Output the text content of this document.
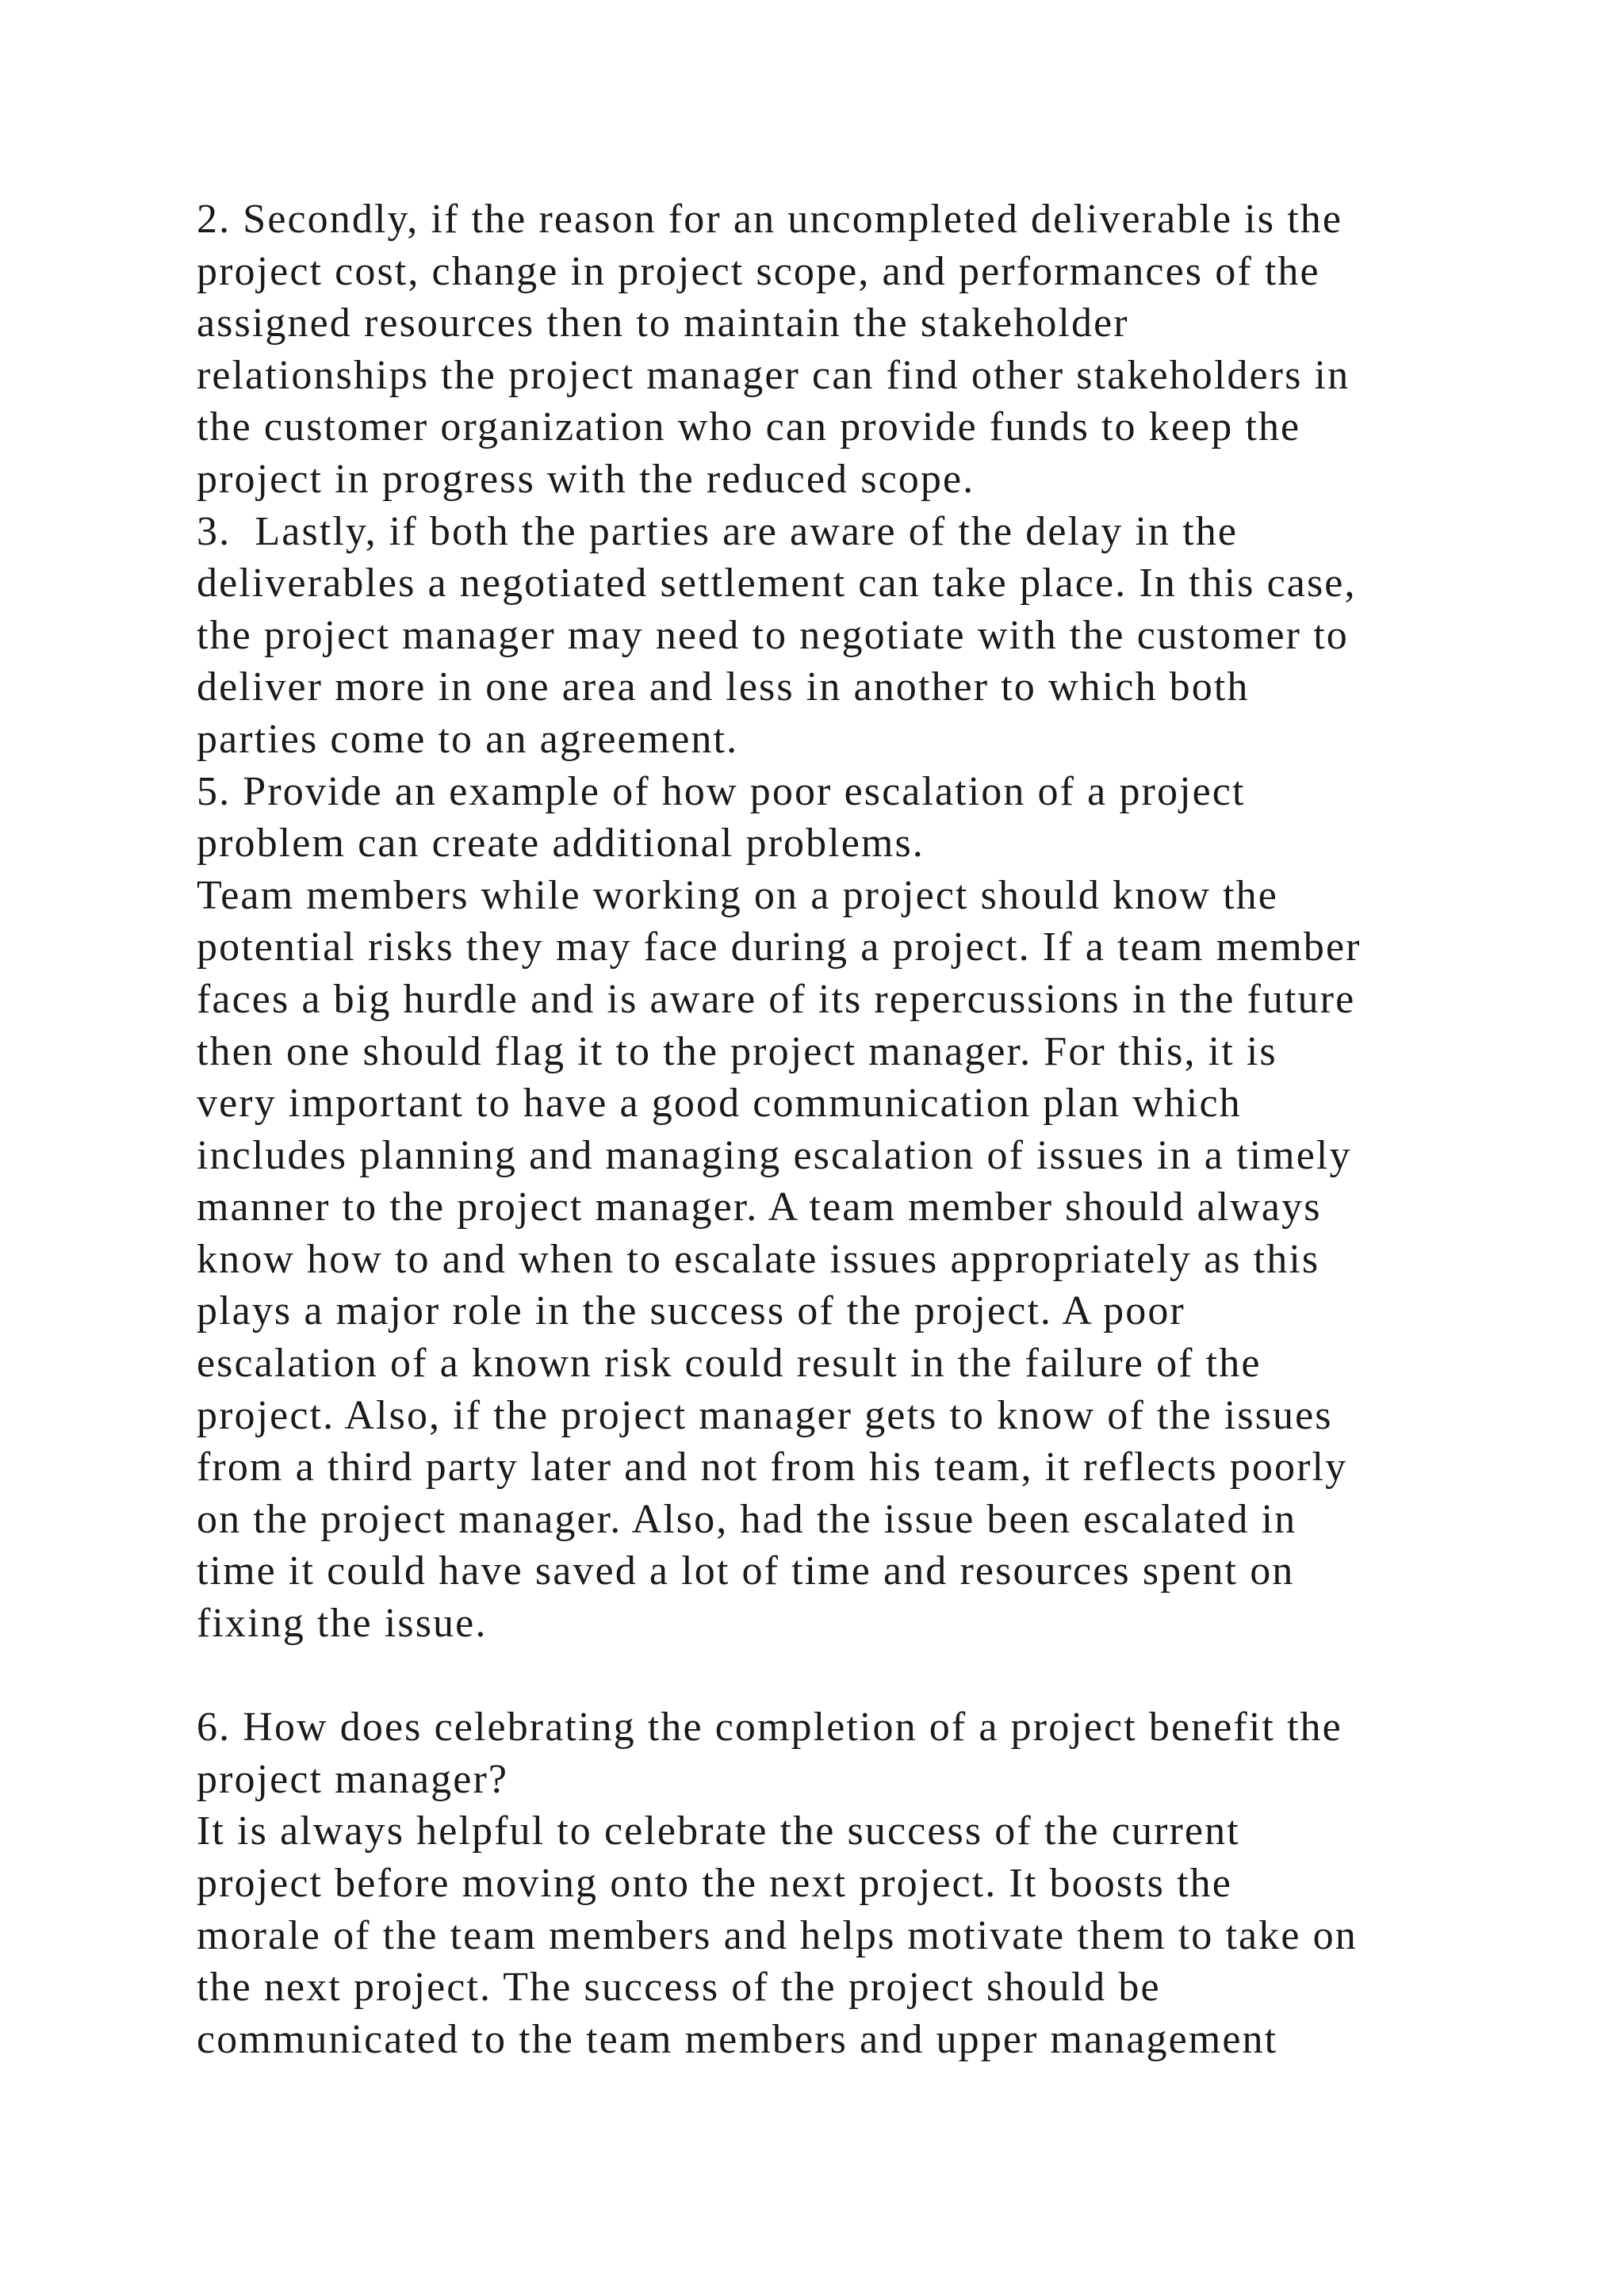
2. Secondly, if the reason for an uncompleted deliverable is the
project cost, change in project scope, and performances of the
assigned resources then to maintain the stakeholder
relationships the project manager can find other stakeholders in
the customer organization who can provide funds to keep the
project in progress with the reduced scope.
3.  Lastly, if both the parties are aware of the delay in the
deliverables a negotiated settlement can take place. In this case,
the project manager may need to negotiate with the customer to
deliver more in one area and less in another to which both
parties come to an agreement.
5. Provide an example of how poor escalation of a project
problem can create additional problems.
Team members while working on a project should know the
potential risks they may face during a project. If a team member
faces a big hurdle and is aware of its repercussions in the future
then one should flag it to the project manager. For this, it is
very important to have a good communication plan which
includes planning and managing escalation of issues in a timely
manner to the project manager. A team member should always
know how to and when to escalate issues appropriately as this
plays a major role in the success of the project. A poor
escalation of a known risk could result in the failure of the
project. Also, if the project manager gets to know of the issues
from a third party later and not from his team, it reflects poorly
on the project manager. Also, had the issue been escalated in
time it could have saved a lot of time and resources spent on
fixing the issue.
6. How does celebrating the completion of a project benefit the
project manager?
It is always helpful to celebrate the success of the current
project before moving onto the next project. It boosts the
morale of the team members and helps motivate them to take on
the next project. The success of the project should be
communicated to the team members and upper management
